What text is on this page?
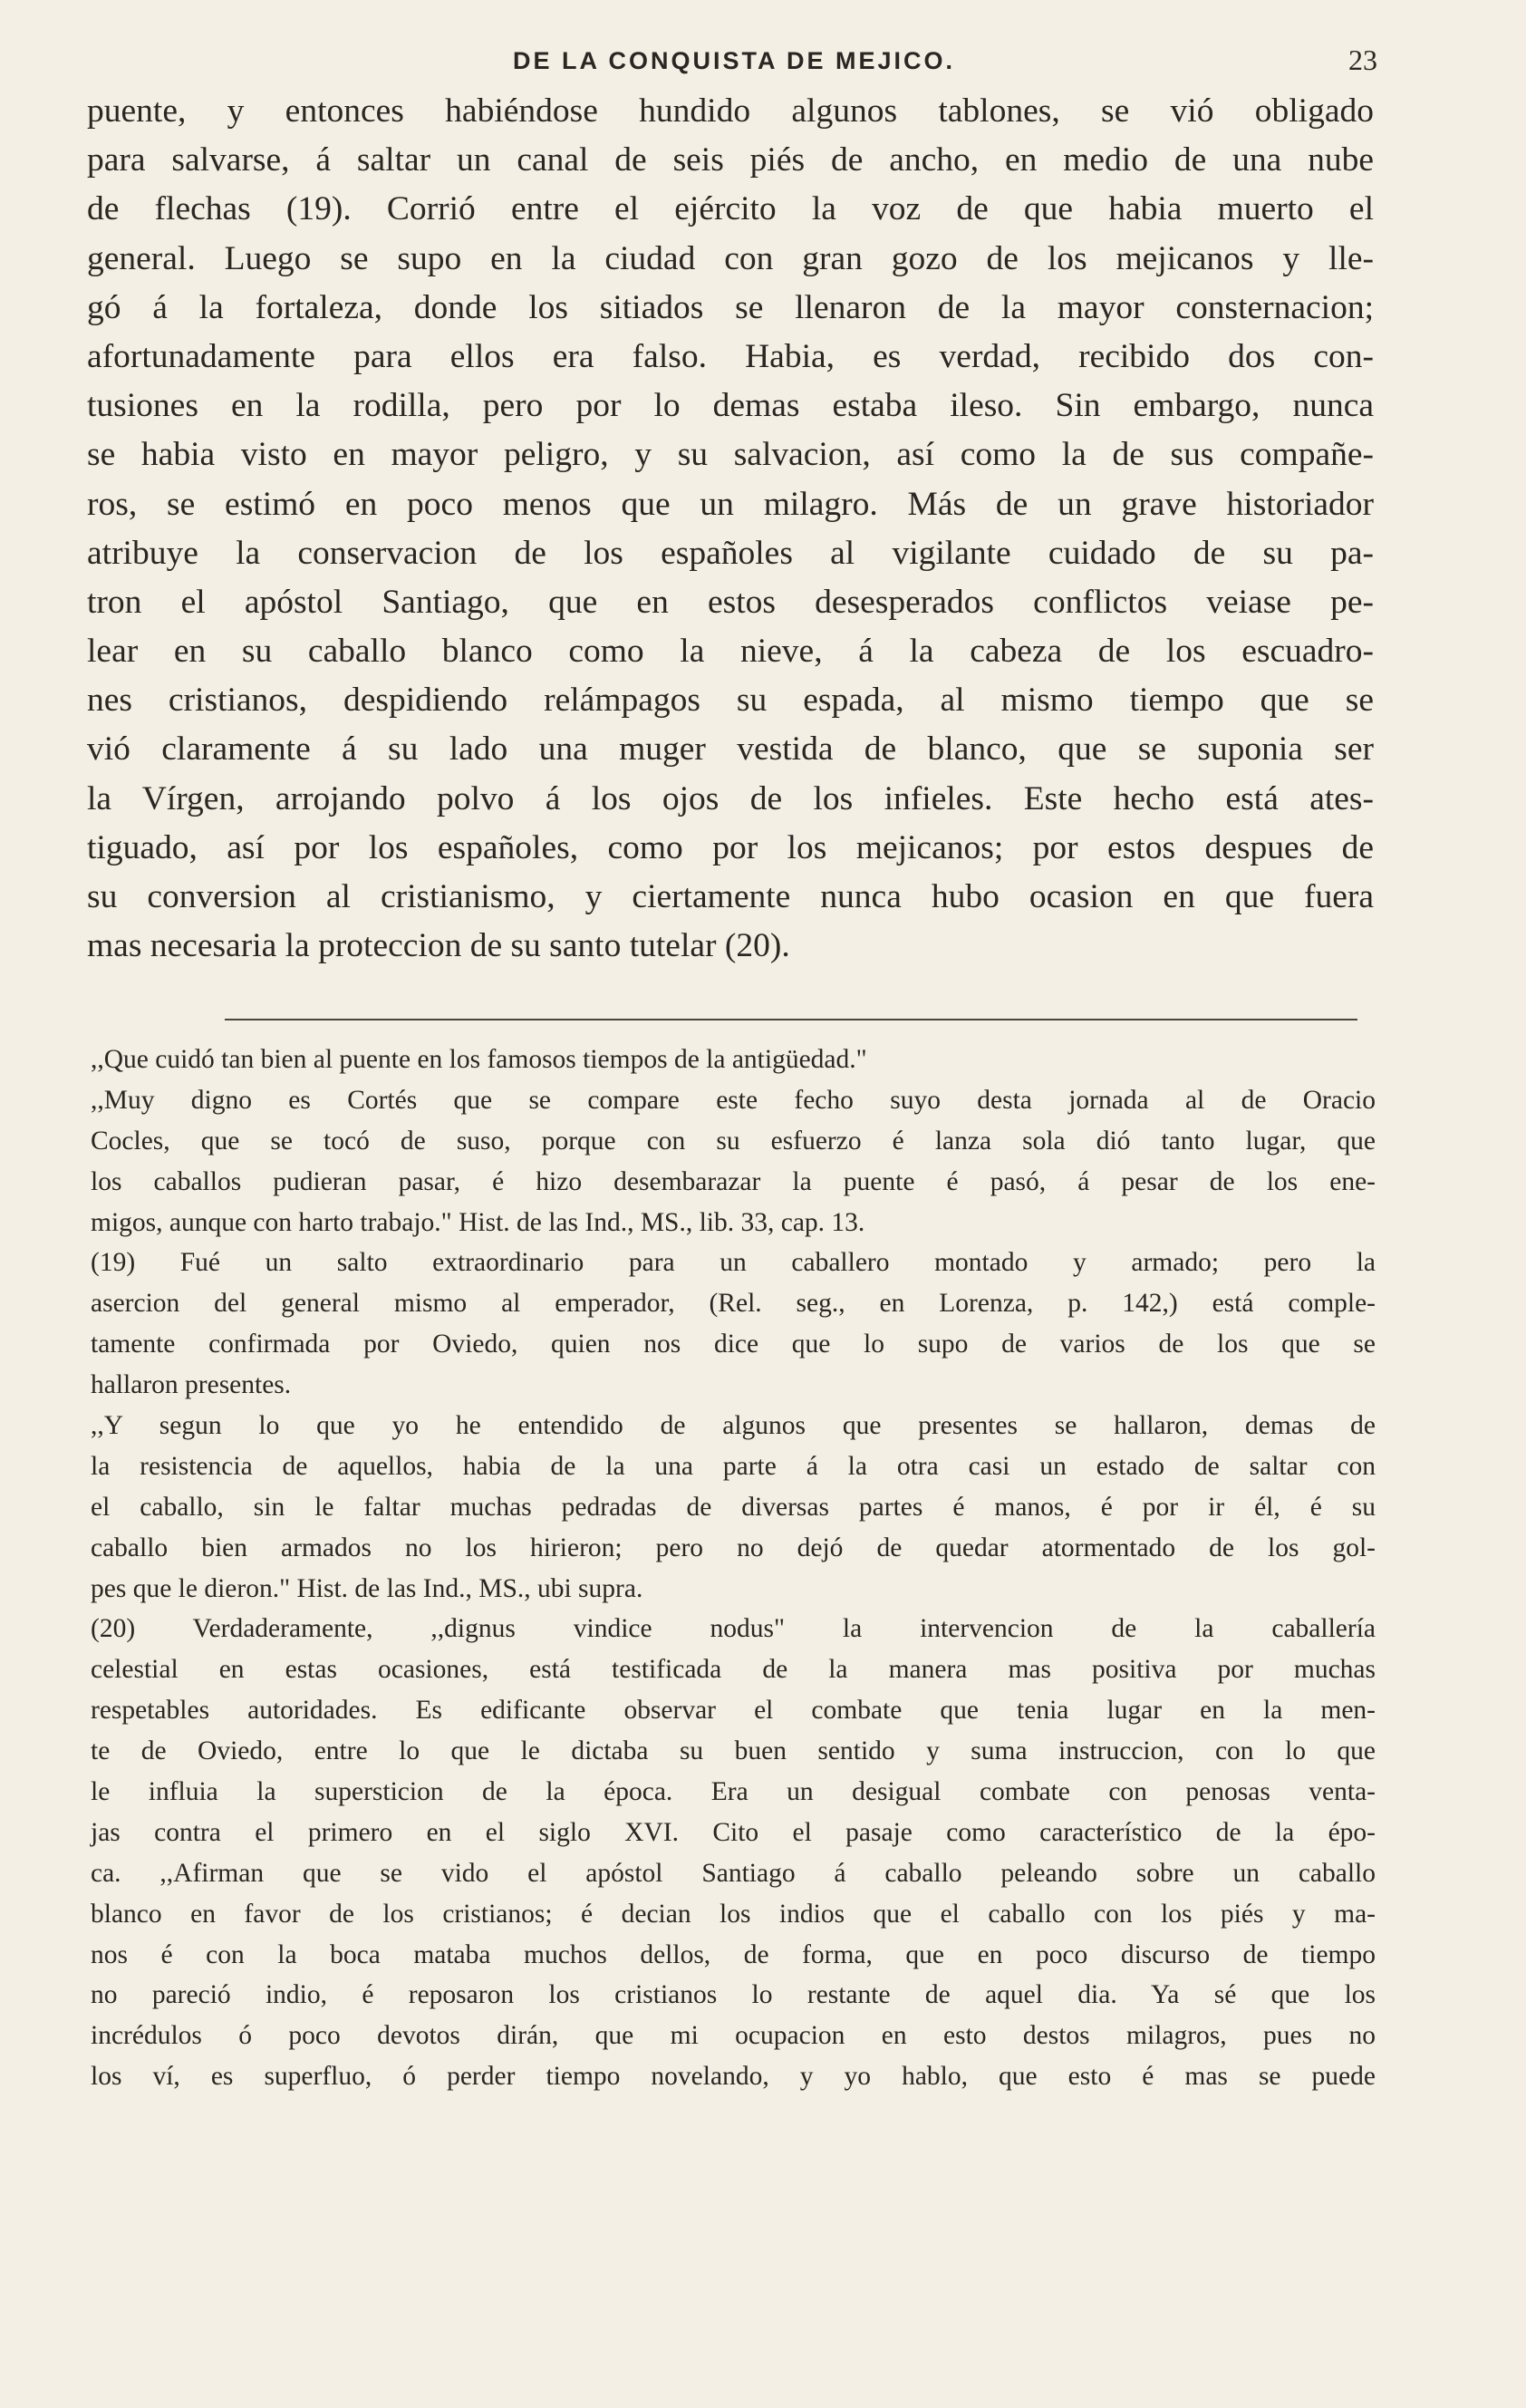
DE LA CONQUISTA DE MEJICO.	23
puente, y entonces habiéndose hundido algunos tablones, se vió obligado
para salvarse, á saltar un canal de seis piés de ancho, en medio de una nube
de flechas (19). Corrió entre el ejército la voz de que habia muerto el
general. Luego se supo en la ciudad con gran gozo de los mejicanos y lle-
gó á la fortaleza, donde los sitiados se llenaron de la mayor consternacion;
afortunadamente para ellos era falso. Habia, es verdad, recibido dos con-
tusiones en la rodilla, pero por lo demas estaba ileso. Sin embargo, nunca
se habia visto en mayor peligro, y su salvacion, así como la de sus compañe-
ros, se estimó en poco menos que un milagro. Más de un grave historiador
atribuye la conservacion de los españoles al vigilante cuidado de su pa-
tron el apóstol Santiago, que en estos desesperados conflictos veiase pe-
lear en su caballo blanco como la nieve, á la cabeza de los escuadro-
nes cristianos, despidiendo relámpagos su espada, al mismo tiempo que se
vió claramente á su lado una muger vestida de blanco, que se suponia ser
la Vírgen, arrojando polvo á los ojos de los infieles. Este hecho está ates-
tiguado, así por los españoles, como por los mejicanos; por estos despues de
su conversion al cristianismo, y ciertamente nunca hubo ocasion en que fuera
mas necesaria la proteccion de su santo tutelar (20).
,,Que cuidó tan bien al puente en los famosos tiempos de la antigüedad."
,,Muy digno es Cortés que se compare este fecho suyo desta jornada al de Oracio
Cocles, que se tocó de suso, porque con su esfuerzo é lanza sola dió tanto lugar, que
los caballos pudieran pasar, é hizo desembarazar la puente é pasó, á pesar de los ene-
migos, aunque con harto trabajo." Hist. de las Ind., MS., lib. 33, cap. 13.
(19) Fué un salto extraordinario para un caballero montado y armado; pero la
asercion del general mismo al emperador, (Rel. seg., en Lorenza, p. 142,) está comple-
tamente confirmada por Oviedo, quien nos dice que lo supo de varios de los que se
hallaron presentes.
,,Y segun lo que yo he entendido de algunos que presentes se hallaron, demas de
la resistencia de aquellos, habia de la una parte á la otra casi un estado de saltar con
el caballo, sin le faltar muchas pedradas de diversas partes é manos, é por ir él, é su
caballo bien armados no los hirieron; pero no dejó de quedar atormentado de los gol-
pes que le dieron." Hist. de las Ind., MS., ubi supra.
(20) Verdaderamente, ,,dignus vindice nodus" la intervencion de la caballería
celestial en estas ocasiones, está testificada de la manera mas positiva por muchas
respetables autoridades. Es edificante observar el combate que tenia lugar en la men-
te de Oviedo, entre lo que le dictaba su buen sentido y suma instruccion, con lo que
le influia la supersticion de la época. Era un desigual combate con penosas venta-
jas contra el primero en el siglo XVI. Cito el pasaje como característico de la épo-
ca. ,,Afirman que se vido el apóstol Santiago á caballo peleando sobre un caballo
blanco en favor de los cristianos; é decian los indios que el caballo con los piés y ma-
nos é con la boca mataba muchos dellos, de forma, que en poco discurso de tiempo
no pareció indio, é reposaron los cristianos lo restante de aquel dia. Ya sé que los
incrédulos ó poco devotos dirán, que mi ocupacion en esto destos milagros, pues no
los ví, es superfluo, ó perder tiempo novelando, y yo hablo, que esto é mas se puede
